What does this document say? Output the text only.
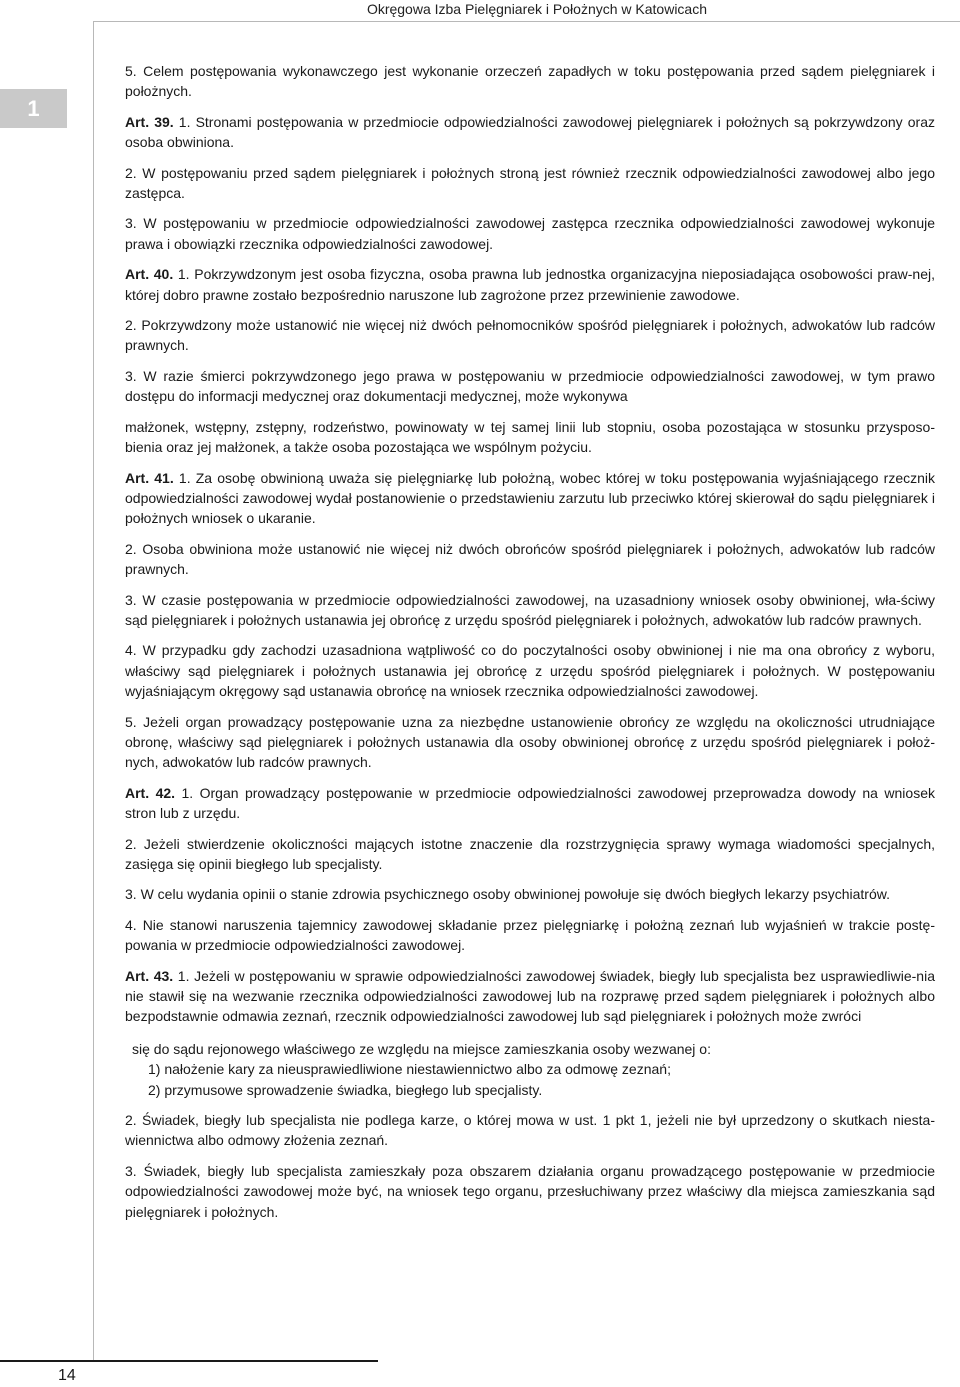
Okręgowa Izba Pielęgniarek i Położnych w Katowicach
1

5. Celem postępowania wykonawczego jest wykonanie orzeczeń zapadłych w toku postępowania przed sądem pielęgniarek i położnych.

Art. 39. 1. Stronami postępowania w przedmiocie odpowiedzialności zawodowej pielęgniarek i położnych są pokrzywdzony oraz osoba obwiniona.

2. W postępowaniu przed sądem pielęgniarek i położnych stroną jest również rzecznik odpowiedzialności zawodowej albo jego zastępca.

3. W postępowaniu w przedmiocie odpowiedzialności zawodowej zastępca rzecznika odpowiedzialności zawodowej wykonuje prawa i obowiązki rzecznika odpowiedzialności zawodowej.

Art. 40. 1. Pokrzywdzonym jest osoba fizyczna, osoba prawna lub jednostka organizacyjna nieposiadająca osobowości praw-nej, której dobro prawne zostało bezpośrednio naruszone lub zagrożone przez przewinienie zawodowe.

2. Pokrzywdzony może ustanowić nie więcej niż dwóch pełnomocników spośród pielęgniarek i położnych, adwokatów lub radców prawnych.

3. W razie śmierci pokrzywdzonego jego prawa w postępowaniu w przedmiocie odpowiedzialności zawodowej, w tym prawo dostępu do informacji medycznej oraz dokumentacji medycznej, może wykonywa

małżonek, wstępny, zstępny, rodzeństwo, powinowaty w tej samej linii lub stopniu, osoba pozostająca w stosunku przysposo-bienia oraz jej małżonek, a także osoba pozostająca we wspólnym pożyciu.

Art. 41. 1. Za osobę obwinioną uważa się pielęgniarkę lub położną, wobec której w toku postępowania wyjaśniającego rzecznik odpowiedzialności zawodowej wydał postanowienie o przedstawieniu zarzutu lub przeciwko której skierował do sądu pielęgniarek i położnych wniosek o ukaranie.

2. Osoba obwiniona może ustanowić nie więcej niż dwóch obrońców spośród pielęgniarek i położnych, adwokatów lub radców prawnych.

3. W czasie postępowania w przedmiocie odpowiedzialności zawodowej, na uzasadniony wniosek osoby obwinionej, wła-ściwy sąd pielęgniarek i położnych ustanawia jej obrońcę z urzędu spośród pielęgniarek i położnych, adwokatów lub radców prawnych.

4. W przypadku gdy zachodzi uzasadniona wątpliwość co do poczytalności osoby obwinionej i nie ma ona obrońcy z wyboru, właściwy sąd pielęgniarek i położnych ustanawia jej obrońcę z urzędu spośród pielęgniarek i położnych. W postępowaniu wyjaśniającym okręgowy sąd ustanawia obrońcę na wniosek rzecznika odpowiedzialności zawodowej.

5. Jeżeli organ prowadzący postępowanie uzna za niezbędne ustanowienie obrońcy ze względu na okoliczności utrudniające obronę, właściwy sąd pielęgniarek i położnych ustanawia dla osoby obwinionej obrońcę z urzędu spośród pielęgniarek i położ-nych, adwokatów lub radców prawnych.

Art. 42. 1. Organ prowadzący postępowanie w przedmiocie odpowiedzialności zawodowej przeprowadza dowody na wniosek stron lub z urzędu.

2. Jeżeli stwierdzenie okoliczności mających istotne znaczenie dla rozstrzygnięcia sprawy wymaga wiadomości specjalnych, zasięga się opinii biegłego lub specjalisty.

3. W celu wydania opinii o stanie zdrowia psychicznego osoby obwinionej powołuje się dwóch biegłych lekarzy psychiatrów.

4. Nie stanowi naruszenia tajemnicy zawodowej składanie przez pielęgniarkę i położną zeznań lub wyjaśnień w trakcie postę-powania w przedmiocie odpowiedzialności zawodowej.

Art. 43. 1. Jeżeli w postępowaniu w sprawie odpowiedzialności zawodowej świadek, biegły lub specjalista bez usprawiedliwie-nia nie stawił się na wezwanie rzecznika odpowiedzialności zawodowej lub na rozprawę przed sądem pielęgniarek i położnych albo bezpodstawnie odmawia zeznań, rzecznik odpowiedzialności zawodowej lub sąd pielęgniarek i położnych może zwróci

się do sądu rejonowego właściwego ze względu na miejsce zamieszkania osoby wezwanej o:

1) nałożenie kary za nieusprawiedliwione niestawiennictwo albo za odmowę zeznań;

2) przymusowe sprowadzenie świadka, biegłego lub specjalisty.

2. Świadek, biegły lub specjalista nie podlega karze, o której mowa w ust. 1 pkt 1, jeżeli nie był uprzedzony o skutkach niesta-wiennictwa albo odmowy złożenia zeznań.

3. Świadek, biegły lub specjalista zamieszkały poza obszarem działania organu prowadzącego postępowanie w przedmiocie odpowiedzialności zawodowej może być, na wniosek tego organu, przesłuchiwany przez właściwy dla miejsca zamieszkania sąd pielęgniarek i położnych.

14
